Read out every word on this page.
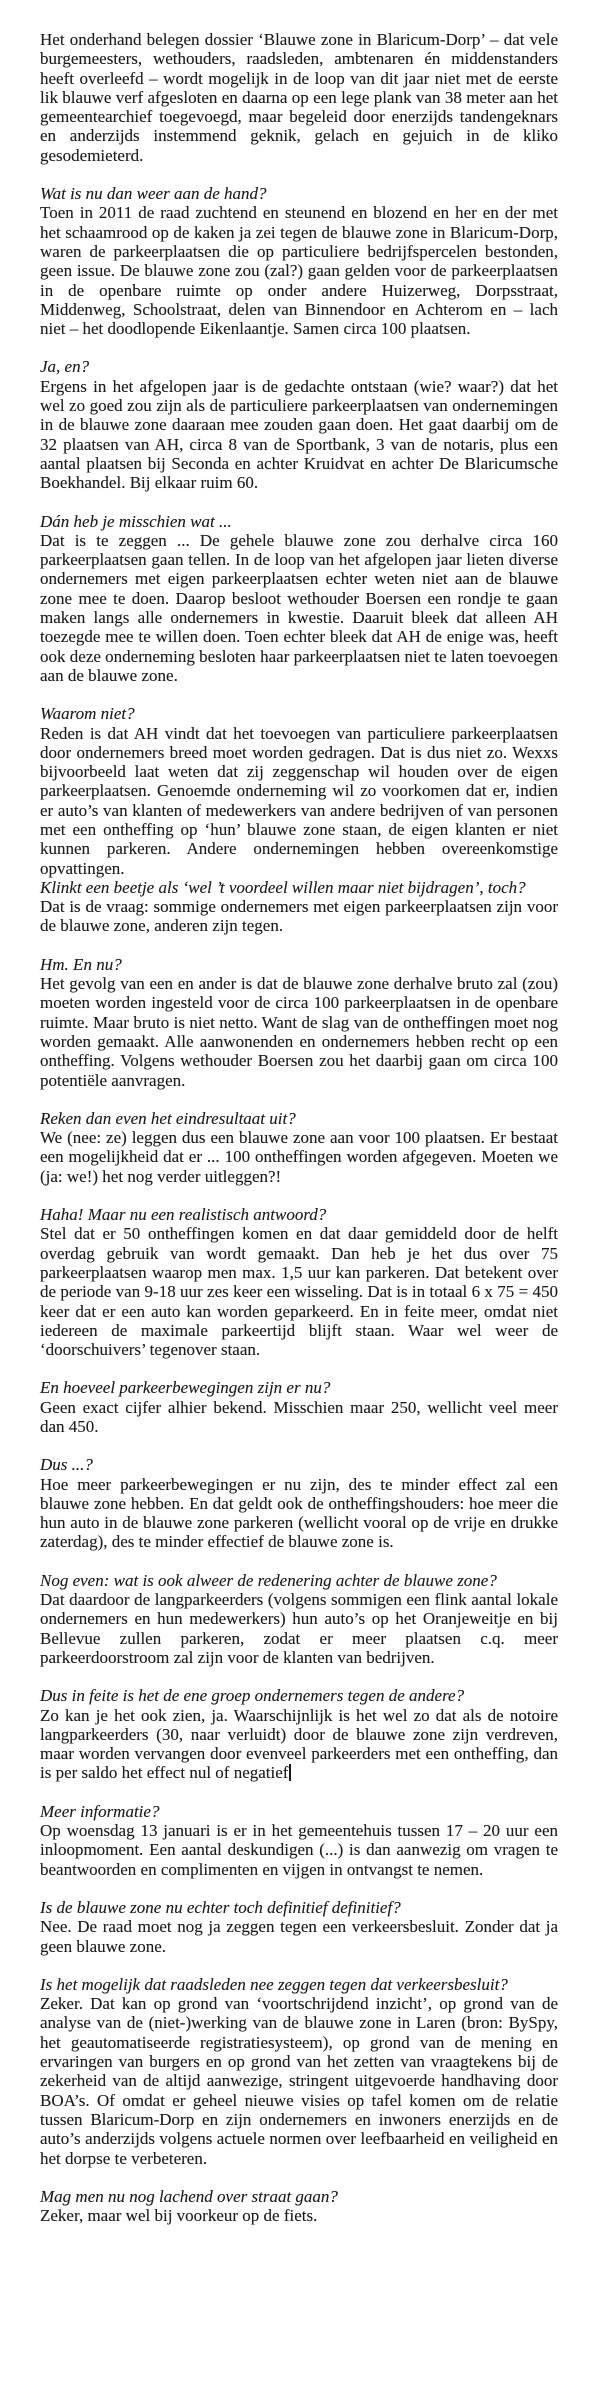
Het onderhand belegen dossier ‘Blauwe zone in Blaricum-Dorp’ – dat vele burgemeesters, wethouders, raadsleden, ambtenaren én middenstanders heeft overleefd – wordt mogelijk in de loop van dit jaar niet met de eerste lik blauwe verf afgesloten en daarna op een lege plank van 38 meter aan het gemeentearchief toegevoegd, maar begeleid door enerzijds tandengeknars en anderzijds instemmend geknik, gelach en gejuich in de kliko gesodemieterd.

Wat is nu dan weer aan de hand?

Toen in 2011 de raad zuchtend en steunend en blozend en her en der met het schaamrood op de kaken ja zei tegen de blauwe zone in Blaricum-Dorp, waren de parkeerplaatsen die op particuliere bedrijfspercelen bestonden, geen issue. De blauwe zone zou (zal?) gaan gelden voor de parkeerplaatsen in de openbare ruimte op onder andere Huizerweg, Dorpsstraat, Middenweg, Schoolstraat, delen van Binnendoor en Achterom en – lach niet – het doodlopende Eikenlaantje. Samen circa 100 plaatsen.

Ja, en?

Ergens in het afgelopen jaar is de gedachte ontstaan (wie? waar?) dat het wel zo goed zou zijn als de particuliere parkeerplaatsen van ondernemingen in de blauwe zone daaraan mee zouden gaan doen. Het gaat daarbij om de 32 plaatsen van AH, circa 8 van de Sportbank, 3 van de notaris, plus een aantal plaatsen bij Seconda en achter Kruidvat en achter De Blaricumsche Boekhandel. Bij elkaar ruim 60.

Dán heb je misschien wat ...

Dat is te zeggen ... De gehele blauwe zone zou derhalve circa 160 parkeerplaatsen gaan tellen. In de loop van het afgelopen jaar lieten diverse ondernemers met eigen parkeerplaatsen echter weten niet aan de blauwe zone mee te doen. Daarop besloot wethouder Boersen een rondje te gaan maken langs alle ondernemers in kwestie. Daaruit bleek dat alleen AH toezegde mee te willen doen. Toen echter bleek dat AH de enige was, heeft ook deze onderneming besloten haar parkeerplaatsen niet te laten toevoegen aan de blauwe zone.

Waarom niet?

Reden is dat AH vindt dat het toevoegen van particuliere parkeerplaatsen door ondernemers breed moet worden gedragen. Dat is dus niet zo. Wexxs bijvoorbeeld laat weten dat zij zeggenschap wil houden over de eigen parkeerplaatsen. Genoemde onderneming wil zo voorkomen dat er, indien er auto’s van klanten of medewerkers van andere bedrijven of van personen met een ontheffing op ‘hun’ blauwe zone staan, de eigen klanten er niet kunnen parkeren. Andere ondernemingen hebben overeenkomstige opvattingen.

Klinkt een beetje als ‘wel ’t voordeel willen maar niet bijdragen’, toch?

Dat is de vraag: sommige ondernemers met eigen parkeerplaatsen zijn voor de blauwe zone, anderen zijn tegen.

Hm. En nu?

Het gevolg van een en ander is dat de blauwe zone derhalve bruto zal (zou) moeten worden ingesteld voor de circa 100 parkeerplaatsen in de openbare ruimte. Maar bruto is niet netto. Want de slag van de ontheffingen moet nog worden gemaakt. Alle aanwonenden en ondernemers hebben recht op een ontheffing. Volgens wethouder Boersen zou het daarbij gaan om circa 100 potentiële aanvragen.

Reken dan even het eindresultaat uit?

We (nee: ze) leggen dus een blauwe zone aan voor 100 plaatsen. Er bestaat een mogelijkheid dat er ... 100 ontheffingen worden afgegeven. Moeten we (ja: we!) het nog verder uitleggen?!

Haha! Maar nu een realistisch antwoord?

Stel dat er 50 ontheffingen komen en dat daar gemiddeld door de helft overdag gebruik van wordt gemaakt. Dan heb je het dus over 75 parkeerplaatsen waarop men max. 1,5 uur kan parkeren. Dat betekent over de periode van 9-18 uur zes keer een wisseling. Dat is in totaal 6 x 75 = 450 keer dat er een auto kan worden geparkeerd. En in feite meer, omdat niet iedereen de maximale parkeertijd blijft staan. Waar wel weer de ‘doorschuivers’ tegenover staan.

En hoeveel parkeerbewegingen zijn er nu?

Geen exact cijfer alhier bekend. Misschien maar 250, wellicht veel meer dan 450.

Dus ...?

Hoe meer parkeerbewegingen er nu zijn, des te minder effect zal een blauwe zone hebben. En dat geldt ook de ontheffingshouders: hoe meer die hun auto in de blauwe zone parkeren (wellicht vooral op de vrije en drukke zaterdag), des te minder effectief de blauwe zone is.

Nog even: wat is ook alweer de redenering achter de blauwe zone?

Dat daardoor de langparkeerders (volgens sommigen een flink aantal lokale ondernemers en hun medewerkers) hun auto’s op het Oranjeweitje en bij Bellevue zullen parkeren, zodat er meer plaatsen c.q. meer parkeerdoorstroom zal zijn voor de klanten van bedrijven.

Dus in feite is het de ene groep ondernemers tegen de andere?

Zo kan je het ook zien, ja. Waarschijnlijk is het wel zo dat als de notoire langparkeerders (30, naar verluidt) door de blauwe zone zijn verdreven, maar worden vervangen door evenveel parkeerders met een ontheffing, dan is per saldo het effect nul of negatief

Meer informatie?

Op woensdag 13 januari is er in het gemeentehuis tussen 17 – 20 uur een inloopmoment. Een aantal deskundigen (...) is dan aanwezig om vragen te beantwoorden en complimenten en vijgen in ontvangst te nemen.

Is de blauwe zone nu echter toch definitief definitief?

Nee. De raad moet nog ja zeggen tegen een verkeersbesluit. Zonder dat ja geen blauwe zone.

Is het mogelijk dat raadsleden nee zeggen tegen dat verkeersbesluit?

Zeker. Dat kan op grond van ‘voortschrijdend inzicht’, op grond van de analyse van de (niet-)werking van de blauwe zone in Laren (bron: BySpy, het geautomatiseerde registratiesysteem), op grond van de mening en ervaringen van burgers en op grond van het zetten van vraagtekens bij de zekerheid van de altijd aanwezige, stringent uitgevoerde handhaving door BOA’s. Of omdat er geheel nieuwe visies op tafel komen om de relatie tussen Blaricum-Dorp en zijn ondernemers en inwoners enerzijds en de auto’s anderzijds volgens actuele normen over leefbaarheid en veiligheid en het dorpse te verbeteren.

Mag men nu nog lachend over straat gaan?

Zeker, maar wel bij voorkeur op de fiets.
